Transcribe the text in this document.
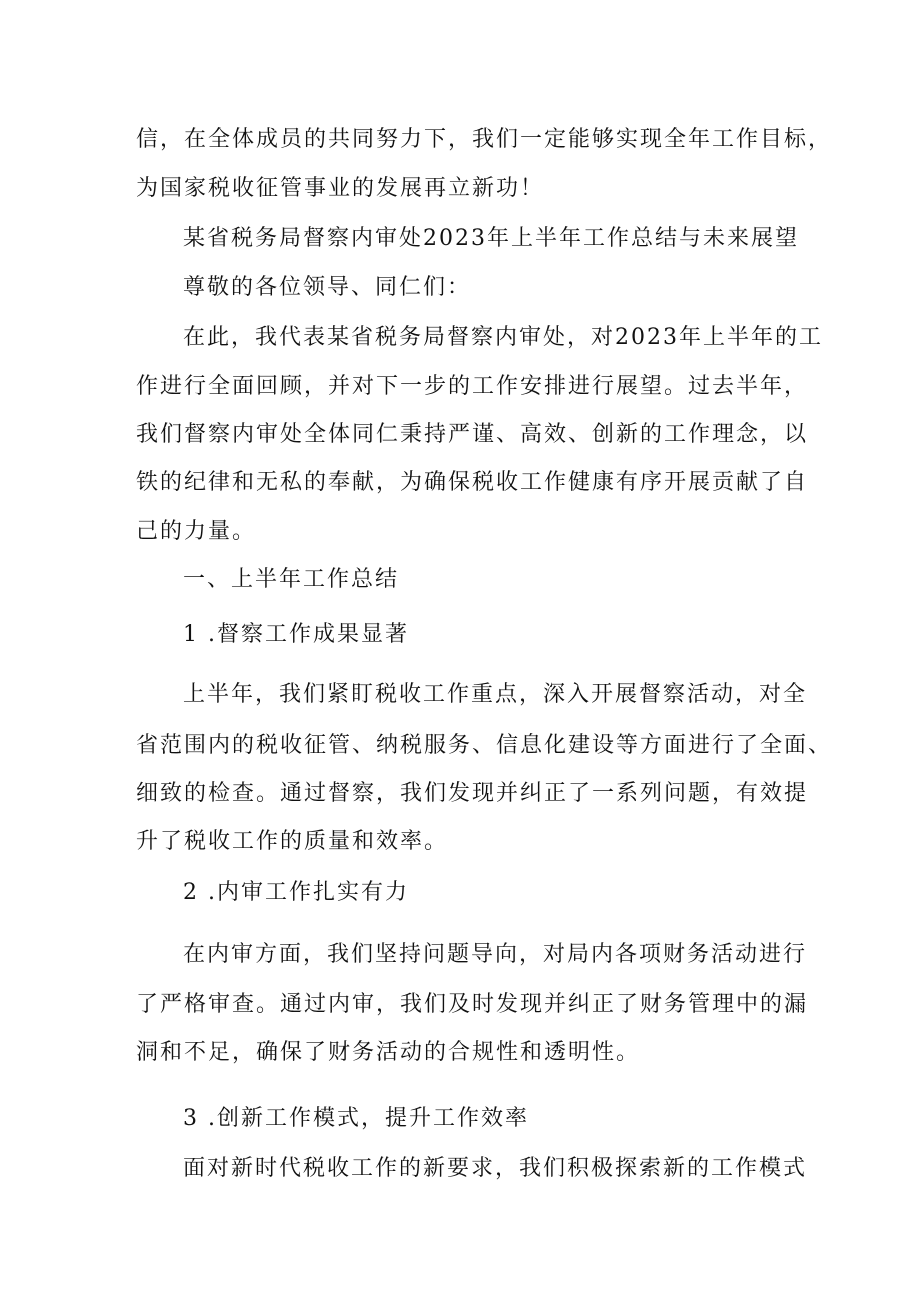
信，在全体成员的共同努力下，我们一定能够实现全年工作目标，
为国家税收征管事业的发展再立新功！
某省税务局督察内审处2023年上半年工作总结与未来展望
尊敬的各位领导、同仁们：
在此，我代表某省税务局督察内审处，对2023年上半年的工
作进行全面回顾，并对下一步的工作安排进行展望。过去半年，
我们督察内审处全体同仁秉持严谨、高效、创新的工作理念，以
铁的纪律和无私的奉献，为确保税收工作健康有序开展贡献了自
己的力量。
一、上半年工作总结
1 .督察工作成果显著
上半年，我们紧盯税收工作重点，深入开展督察活动，对全
省范围内的税收征管、纳税服务、信息化建设等方面进行了全面、
细致的检查。通过督察，我们发现并纠正了一系列问题，有效提
升了税收工作的质量和效率。
2 .内审工作扎实有力
在内审方面，我们坚持问题导向，对局内各项财务活动进行
了严格审查。通过内审，我们及时发现并纠正了财务管理中的漏
洞和不足，确保了财务活动的合规性和透明性。
3 .创新工作模式，提升工作效率
面对新时代税收工作的新要求，我们积极探索新的工作模式
